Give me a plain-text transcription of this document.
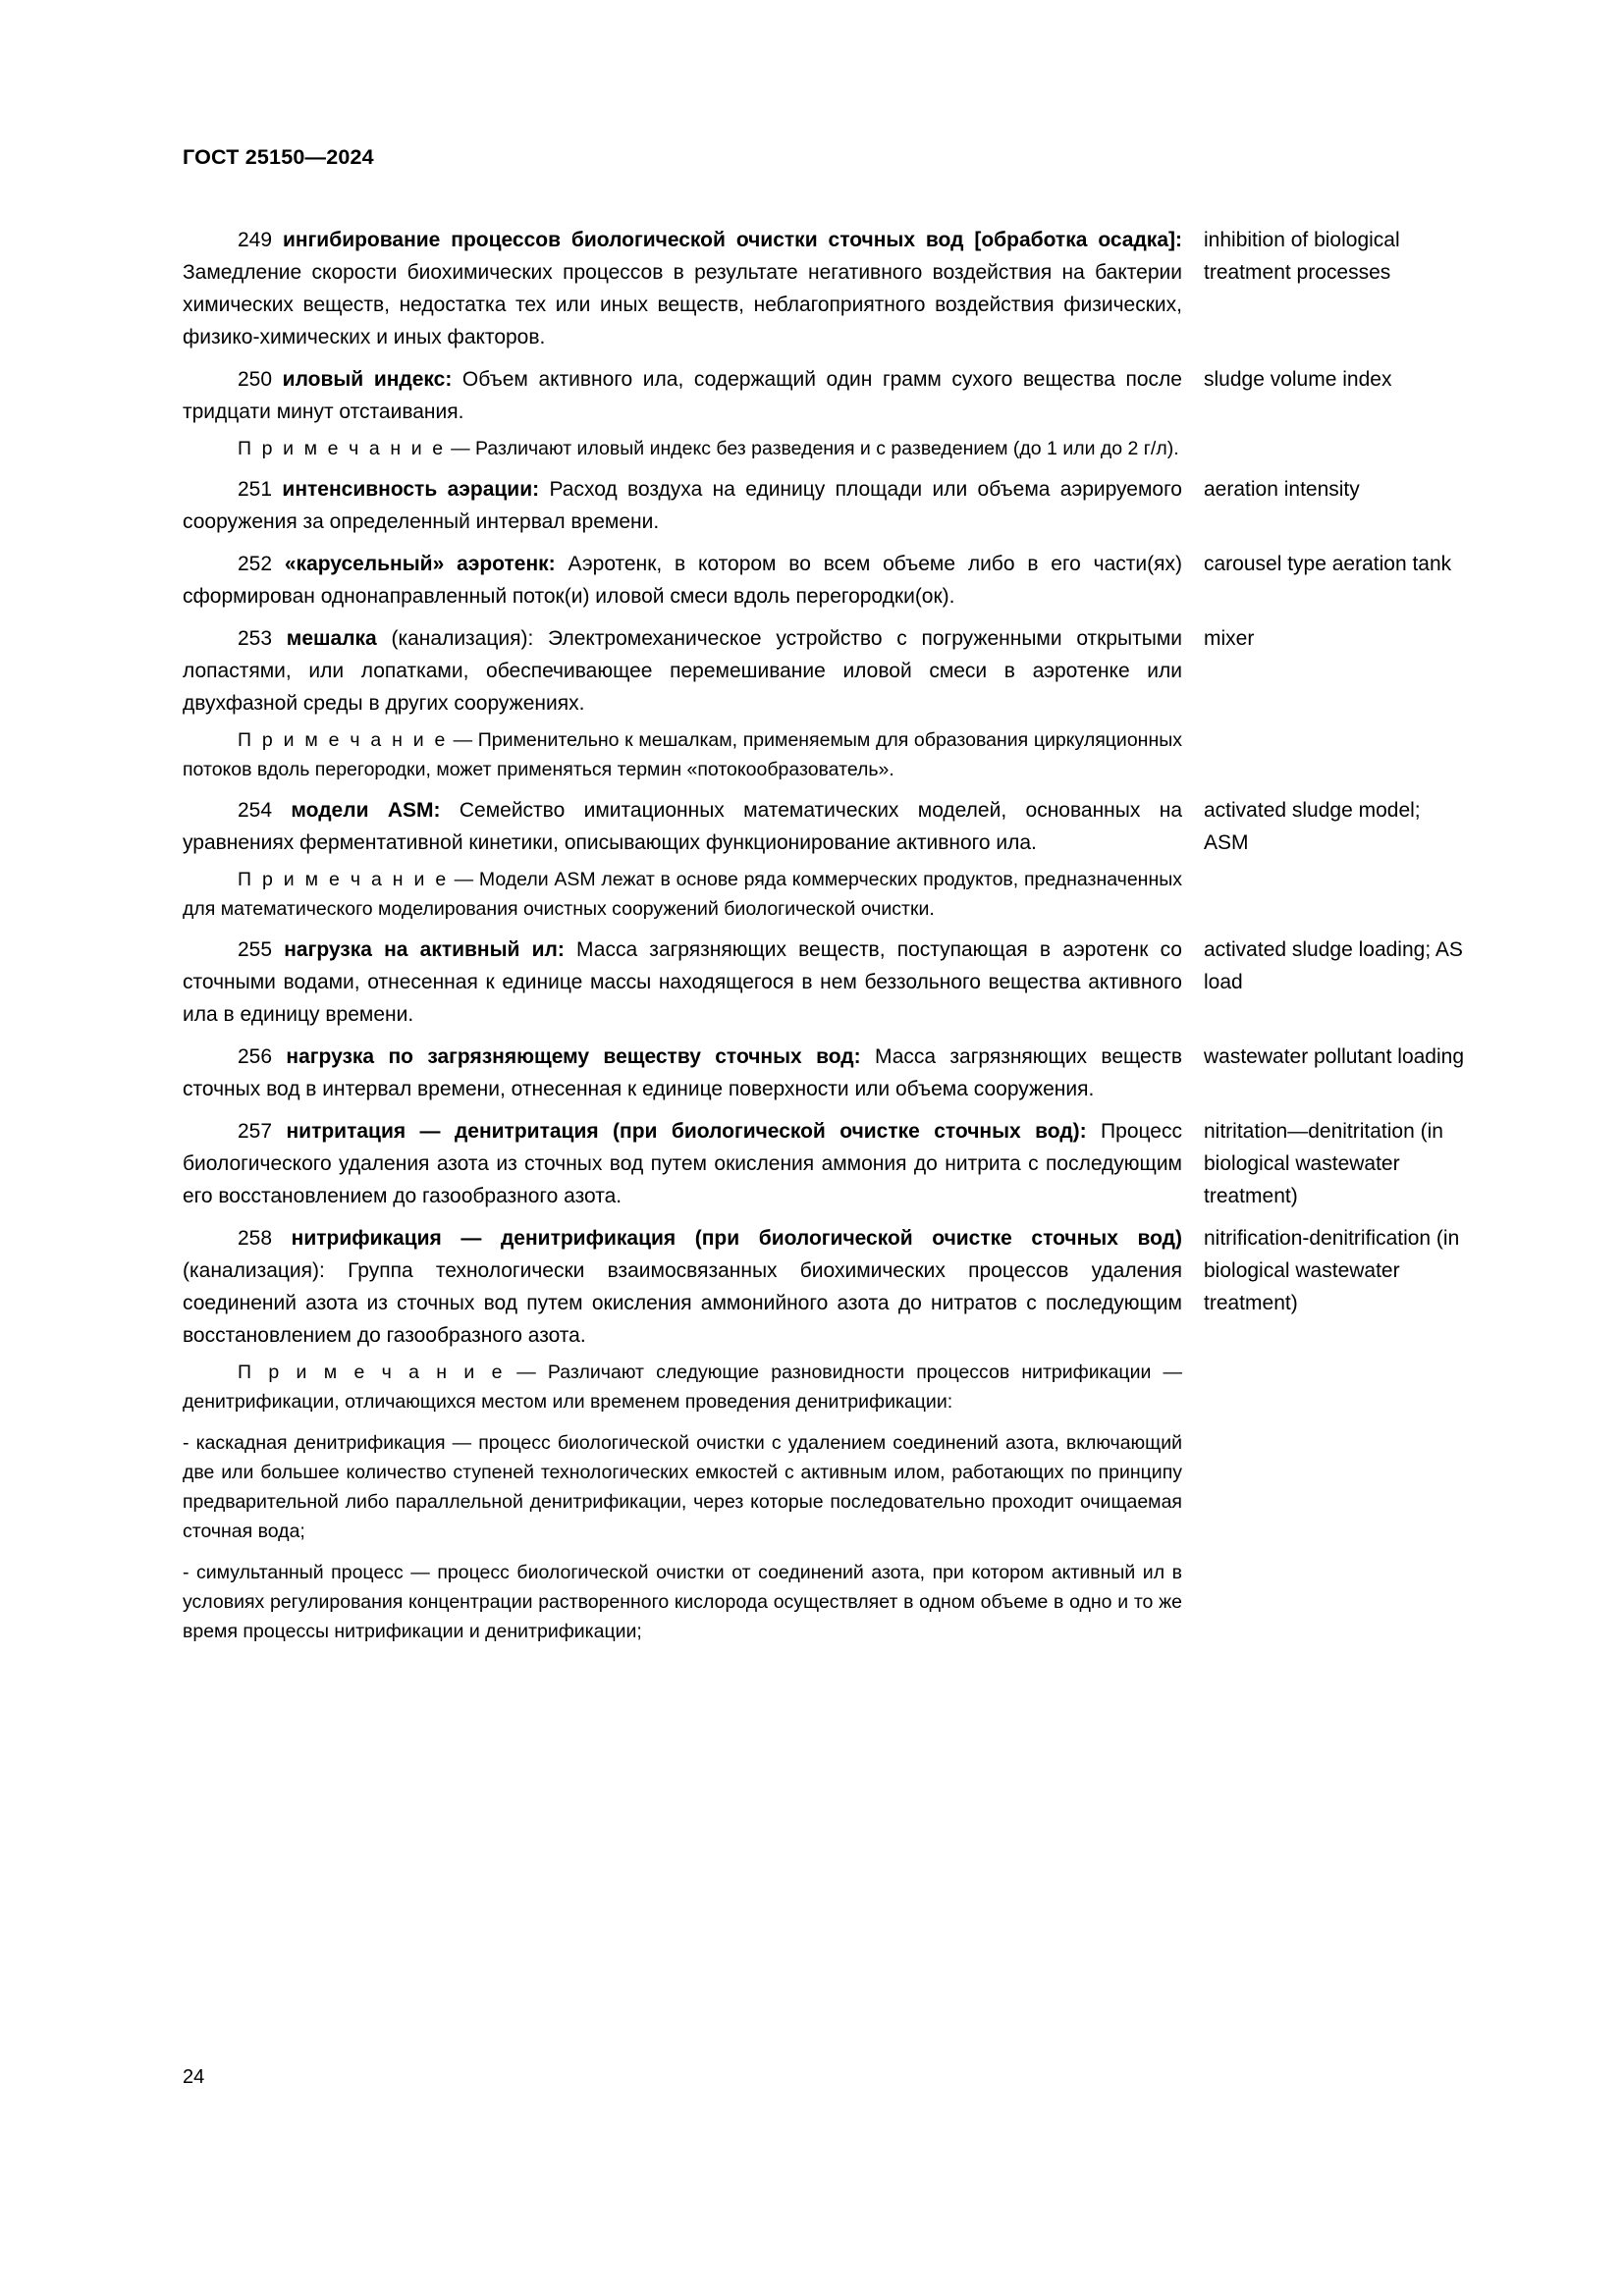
ГОСТ 25150—2024
249 ингибирование процессов биологической очистки сточных вод [обработка осадка]: Замедление скорости биохимических процессов в результате негативного воздействия на бактерии химических веществ, недостатка тех или иных веществ, неблагоприятного воздействия физических, физико-химических и иных факторов.
inhibition of biological treatment processes
250 иловый индекс: Объем активного ила, содержащий один грамм сухого вещества после тридцати минут отстаивания.
sludge volume index
П р и м е ч а н и е — Различают иловый индекс без разведения и с разведением (до 1 или до 2 г/л).
251 интенсивность аэрации: Расход воздуха на единицу площади или объема аэрируемого сооружения за определенный интервал времени.
aeration intensity
252 «карусельный» аэротенк: Аэротенк, в котором во всем объеме либо в его части(ях) сформирован однонаправленный поток(и) иловой смеси вдоль перегородки(ок).
carousel type aeration tank
253 мешалка (канализация): Электромеханическое устройство с погруженными открытыми лопастями, или лопатками, обеспечивающее перемешивание иловой смеси в аэротенке или двухфазной среды в других сооружениях.
mixer
П р и м е ч а н и е — Применительно к мешалкам, применяемым для образования циркуляционных потоков вдоль перегородки, может применяться термин «потокообразователь».
254 модели ASM: Семейство имитационных математических моделей, основанных на уравнениях ферментативной кинетики, описывающих функционирование активного ила.
activated sludge model; ASM
П р и м е ч а н и е — Модели ASM лежат в основе ряда коммерческих продуктов, предназначенных для математического моделирования очистных сооружений биологической очистки.
255 нагрузка на активный ил: Масса загрязняющих веществ, поступающая в аэротенк со сточными водами, отнесенная к единице массы находящегося в нем беззольного вещества активного ила в единицу времени.
activated sludge loading; AS load
256 нагрузка по загрязняющему веществу сточных вод: Масса загрязняющих веществ сточных вод в интервал времени, отнесенная к единице поверхности или объема сооружения.
wastewater pollutant loading
257 нитритация — денитритация (при биологической очистке сточных вод): Процесс биологического удаления азота из сточных вод путем окисления аммония до нитрита с последующим его восстановлением до газообразного азота.
nitritation—denitritation (in biological wastewater treatment)
258 нитрификация — денитрификация (при биологической очистке сточных вод) (канализация): Группа технологически взаимосвязанных биохимических процессов удаления соединений азота из сточных вод путем окисления аммонийного азота до нитратов с последующим восстановлением до газообразного азота.
nitrification-denitrification (in biological wastewater treatment)
П р и м е ч а н и е — Различают следующие разновидности процессов нитрификации — денитрификации, отличающихся местом или временем проведения денитрификации:
- каскадная денитрификация — процесс биологической очистки с удалением соединений азота, включающий две или большее количество ступеней технологических емкостей с активным илом, работающих по принципу предварительной либо параллельной денитрификации, через которые последовательно проходит очищаемая сточная вода;
- симультанный процесс — процесс биологической очистки от соединений азота, при котором активный ил в условиях регулирования концентрации растворенного кислорода осуществляет в одном объеме в одно и то же время процессы нитрификации и денитрификации;
24
